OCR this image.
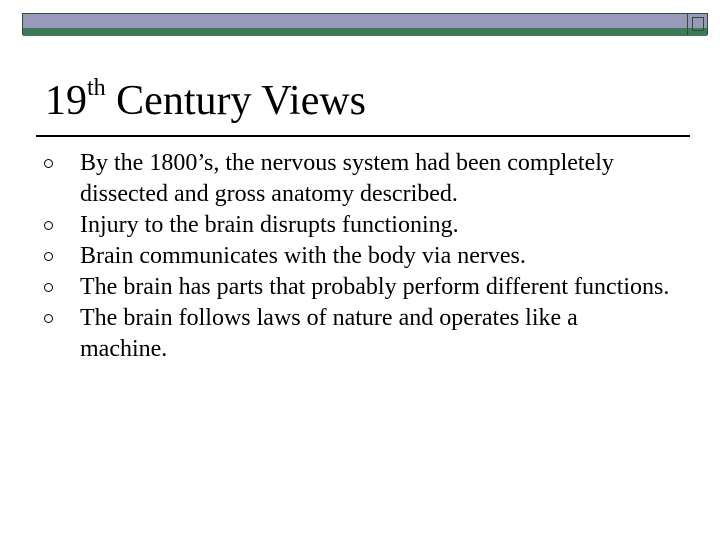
19th Century Views
By the 1800’s, the nervous system had been completely dissected and gross anatomy described.
Injury to the brain disrupts functioning.
Brain communicates with the body via nerves.
The brain has parts that probably perform different functions.
The brain follows laws of nature and operates like a machine.
